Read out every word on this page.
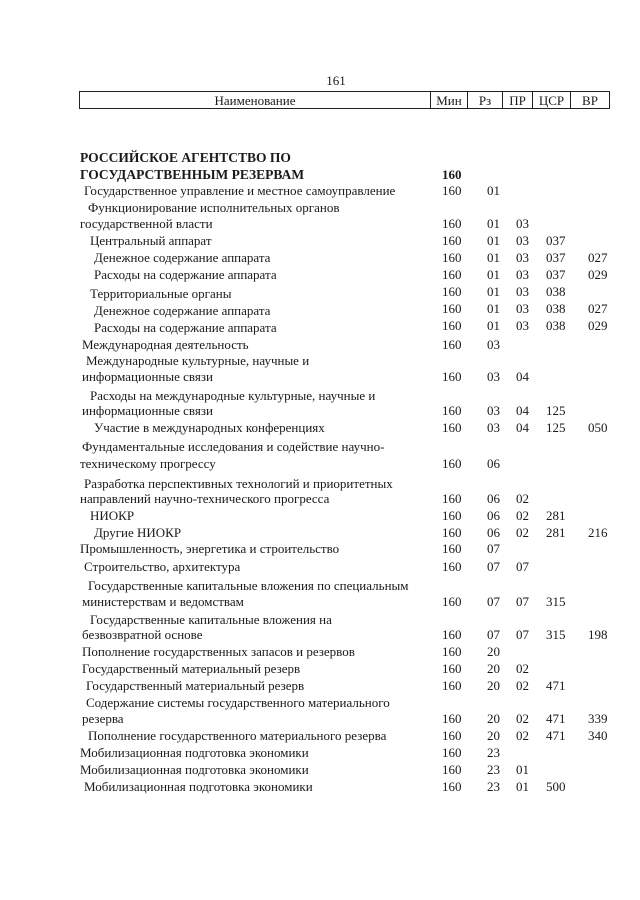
161
Наименование	Мин	Рз	ПР	ЦСР	ВР
РОССИЙСКОЕ АГЕНТСТВО ПО
ГОСУДАРСТВЕННЫМ РЕЗЕРВАМ	160
Государственное управление и местное самоуправление	160 01
Функционирование исполнительных органов
государственной власти	160 01 03
Центральный аппарат	160 01 03 037
Денежное содержание аппарата	160 01 03 037 027
Расходы на содержание аппарата	160 01 03 037 029
Территориальные органы	160 01 03 038
Денежное содержание аппарата	160 01 03 038 027
Расходы на содержание аппарата	160 01 03 038 029
Международная деятельность	160 03
Международные культурные, научные и
информационные связи	160 03 04
Расходы на международные культурные, научные и
информационные связи	160 03 04 125
Участие в международных конференциях	160 03 04 125 050
Фундаментальные исследования и содействие научно-
техническому прогрессу	160 06
Разработка перспективных технологий и приоритетных
направлений научно-технического прогресса	160 06 02
НИОКР	160 06 02 281
Другие НИОКР	160 06 02 281 216
Промышленность, энергетика и строительство	160 07
Строительство, архитектура	160 07 07
Государственные капитальные вложения по специальным
министерствам и ведомствам	160 07 07 315
Государственные капитальные вложения на
безвозвратной основе	160 07 07 315 198
Пополнение государственных запасов и резервов	160 20
Государственный материальный резерв	160 20 02
Государственный материальный резерв	160 20 02 471
Содержание системы государственного материального
резерва	160 20 02 471 339
Пополнение государственного материального резерва	160 20 02 471 340
Мобилизационная подготовка экономики	160 23
Мобилизационная подготовка экономики	160 23 01
Мобилизационная подготовка экономики	160 23 01 500
